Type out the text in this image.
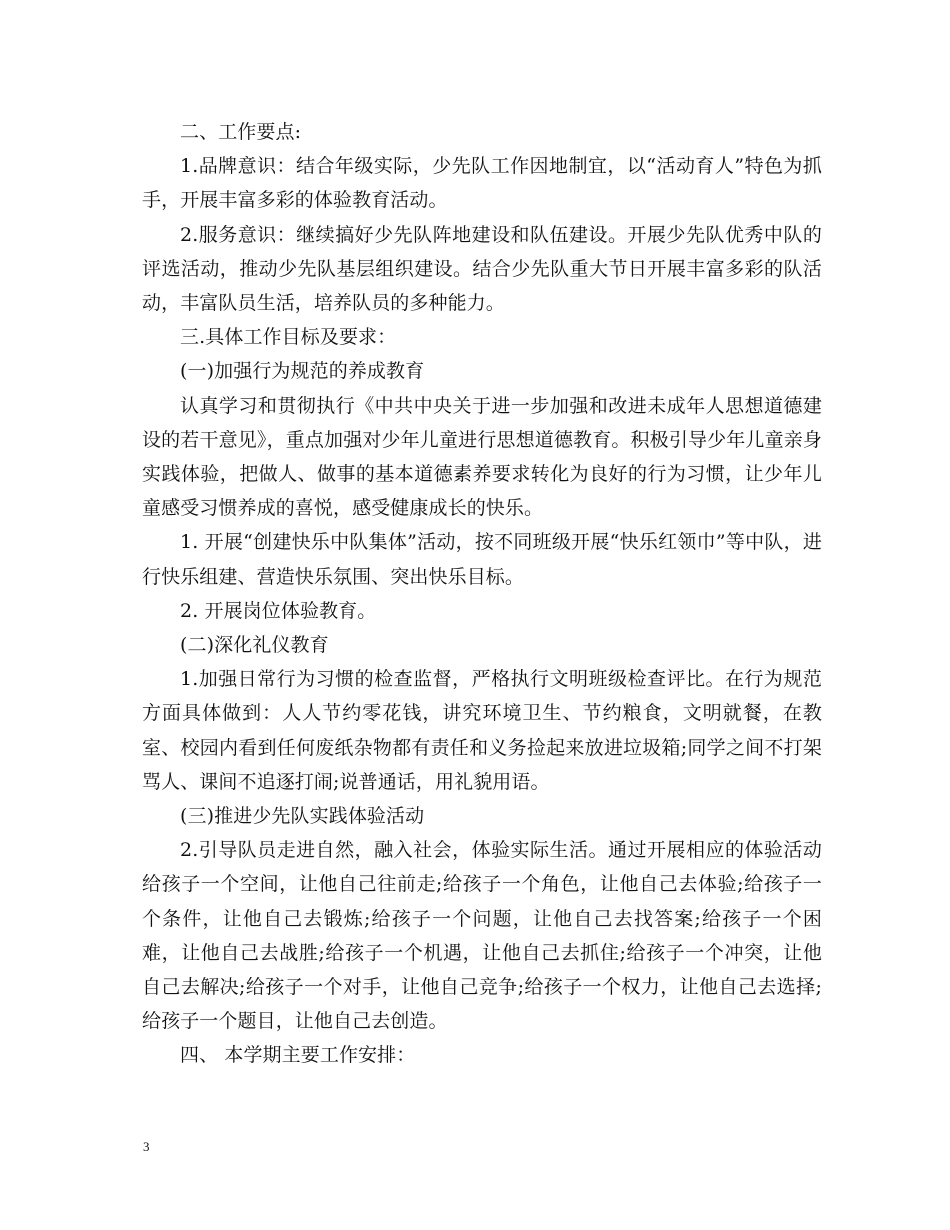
二、工作要点:

1.品牌意识：结合年级实际，少先队工作因地制宜，以“活动育人”特色为抓手，开展丰富多彩的体验教育活动。

2.服务意识：继续搞好少先队阵地建设和队伍建设。开展少先队优秀中队的评选活动，推动少先队基层组织建设。结合少先队重大节日开展丰富多彩的队活动，丰富队员生活，培养队员的多种能力。

三.具体工作目标及要求：

(一)加强行为规范的养成教育

认真学习和贯彻执行《中共中央关于进一步加强和改进未成年人思想道德建设的若干意见》，重点加强对少年儿童进行思想道德教育。积极引导少年儿童亲身实践体验，把做人、做事的基本道德素养要求转化为良好的行为习惯，让少年儿童感受习惯养成的喜悦，感受健康成长的快乐。

1. 开展“创建快乐中队集体”活动，按不同班级开展“快乐红领巾”等中队，进行快乐组建、营造快乐氛围、突出快乐目标。

2. 开展岗位体验教育。

(二)深化礼仪教育

1.加强日常行为习惯的检查监督，严格执行文明班级检查评比。在行为规范方面具体做到：人人节约零花钱，讲究环境卫生、节约粮食，文明就餐，在教室、校园内看到任何废纸杂物都有责任和义务捡起来放进垃圾箱;同学之间不打架骂人、课间不追逐打闹;说普通话，用礼貌用语。

(三)推进少先队实践体验活动

2.引导队员走进自然，融入社会，体验实际生活。通过开展相应的体验活动给孩子一个空间，让他自己往前走;给孩子一个角色，让他自己去体验;给孩子一个条件，让他自己去锻炼;给孩子一个问题，让他自己去找答案;给孩子一个困难，让他自己去战胜;给孩子一个机遇，让他自己去抓住;给孩子一个冲突，让他自己去解决;给孩子一个对手，让他自己竞争;给孩子一个权力，让他自己去选择;给孩子一个题目，让他自己去创造。

四、 本学期主要工作安排：

3
